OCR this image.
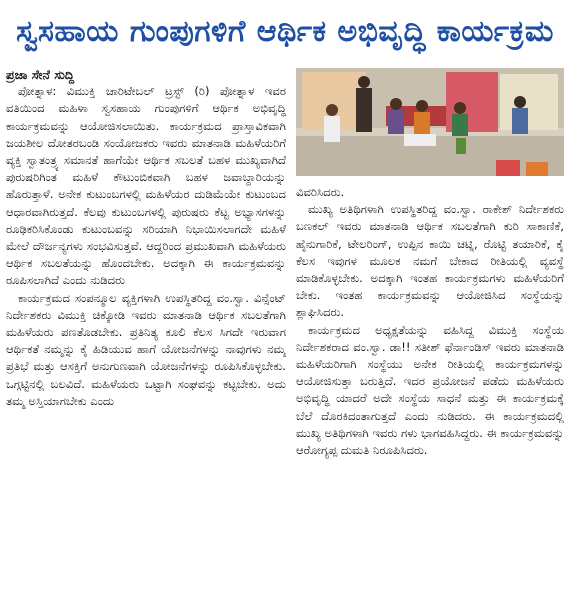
ಸ್ವಸಹಾಯ ಗುಂಪುಗಳಿಗೆ ಆರ್ಥಿಕ ಅಭಿವೃದ್ಧಿ ಕಾರ್ಯಕ್ರಮ

ಪ್ರಜಾ ಸೇನೆ ಸುದ್ದಿ

ಪೋತ್ನಾಳ: ವಿಮುಕ್ತಿ ಚಾರಿಟೇಬಲ್ ಟ್ರಸ್ಟ್ (ರಿ) ಪೋತ್ನಾಳ ಇವರ ವತಿಯಿಂದ ಮಹಿಳಾ ಸ್ವಸಹಾಯ ಗುಂಪುಗಳಿಗೆ ಆರ್ಥಿಕ ಅಭಿವೃದ್ಧಿ ಕಾರ್ಯಕ್ರಮವನ್ನು ಆಯೋಜಿಸಲಾಯಿತು. ಕಾರ್ಯಕ್ರಮದ ಪ್ರಾಸ್ತಾವಿಕವಾಗಿ ಜಯಶೀಲ ದೋತರಬಂಡಿ ಸಂಯೋಜಕರು ಇವರು ಮಾತನಾಡಿ ಮಹಿಳೆಯರಿಗೆ ವ್ಯಕ್ತಿ ಸ್ವಾತಂತ್ರ್ಯ ಸಮಾನತೆ ಹಾಗೆಯೇ ಆರ್ಥಿಕ ಸಬಲತೆ ಬಹಳ ಮುಖ್ಯವಾಗಿದೆ ಪುರುಷರಿಗಿಂತ ಮಹಿಳೆ ಕೌಟುಂಬಿಕವಾಗಿ ಬಹಳ ಜವಾಬ್ದಾರಿಯನ್ನು ಹೊರುತ್ತಾಳೆ. ಅನೇಕ ಕುಟುಂಬಗಳಲ್ಲಿ ಮಹಿಳೆಯರ ದುಡಿಮೆಯೇ ಕುಟುಂಬದ ಆಧಾರವಾಗಿರುತ್ತದೆ. ಕೆಲವು ಕುಟುಂಬಗಳಲ್ಲಿ ಪುರುಷರು ಕೆಟ್ಟ ಅಭ್ಯಾಸಗಳನ್ನು ರೂಢಿಕರಿಸಿಕೊಂಡು ಕುಟುಂಬವನ್ನು ಸರಿಯಾಗಿ ನಿಭಾಯಿಸಲಾಗದೇ ಮಹಿಳೆ ಮೇಲೆ ದೌರ್ಜನ್ಯಗಳು ಸಂಭವಿಸುತ್ತವೆ. ಆದ್ದರಿಂದ ಪ್ರಮುಖವಾಗಿ ಮಹಿಳೆಯರು ಆರ್ಥಿಕ ಸಬಲತೆಯನ್ನು ಹೊಂದಬೇಕು. ಅದಕ್ಕಾಗಿ ಈ ಕಾರ್ಯಕ್ರಮವನ್ನು ರೂಪಿಸಲಾಗಿದೆ ಎಂದು ನುಡಿದರು

ಕಾರ್ಯಕ್ರಮದ ಸಂಪನ್ಮೂಲ ವ್ಯಕ್ತಿಗಳಾಗಿ ಉಪಸ್ಥಿತರಿದ್ದ ವಂ.ಸ್ವಾ. ವಿನ್ಸೆಂಟ್ ನಿರ್ದೇಶಕರು ವಿಮುಕ್ತಿ ಚಿಕ್ಕೋಡಿ ಇವರು ಮಾತನಾಡಿ ಆರ್ಥಿಕ ಸಬಲತೆಗಾಗಿ ಮಹಿಳೆಯರು ಪಣತೊಡಬೇಕು. ಪ್ರತಿನಿತ್ಯ ಕೂಲಿ ಕೆಲಸ ಸಿಗದೇ ಇರುವಾಗ ಆರ್ಥಿಕತೆ ನಮ್ಮನ್ನು ಕೈ ಹಿಡಿಯುವ ಹಾಗೆ ಯೋಜನೆಗಳನ್ನು ನಾವುಗಳು ನಮ್ಮ ಪ್ರತಿಭೆ ಮತ್ತು ಆಸಕ್ತಿಗೆ ಅನುಗುಣವಾಗಿ ಯೋಜನೆಗಳನ್ನು ರೂಪಿಸಿಕೊಳ್ಳಬೇಕು. ಒಗ್ಗಟ್ಟಿನಲ್ಲಿ ಬಲವಿದೆ. ಮಹಿಳೆಯರು ಒಟ್ಟಾಗಿ ಸಂಘವನ್ನು ಕಟ್ಟಬೇಕು. ಅದು ತಮ್ಮ ಅಸ್ತಿಯಾಗಬೇಕು ಎಂದು

ವಿವರಿಸಿದರು.

ಮುಖ್ಯ ಅತಿಥಿಗಳಾಗಿ ಉಪಸ್ಥಿತರಿದ್ದ ವಂ.ಸ್ವಾ. ರಾಕೇಶ್ ನಿರ್ದೇಶಕರು ಬಣಕಲ್ ಇವರು ಮಾತನಾಡಿ ಆರ್ಥಿಕ ಸಬಲತೆಗಾಗಿ ಕುರಿ ಸಾಕಾಣಿಕೆ, ಹೈನುಗಾರಿಕೆ, ಟೇಲರಿಂಗ್, ಉಪ್ಪಿನ ಕಾಯಿ ಚಟ್ನಿ, ರೊಟ್ಟಿ ತಯಾರಿಕೆ, ಕೈ ಕೆಲಸ ಇವುಗಳ ಮೂಲಕ ನಮಗೆ ಬೇಕಾದ ರೀತಿಯಲ್ಲಿ ವ್ಯವಸ್ಥೆ ಮಾಡಿಕೊಳ್ಳಬೇಕು. ಅದಕ್ಕಾಗಿ ಇಂತಹ ಕಾರ್ಯಕ್ರಮಗಳು ಮಹಿಳೆಯರಿಗೆ ಬೇಕು. ಇಂತಹ ಕಾರ್ಯಕ್ರಮವನ್ನು ಆಯೋಜಿಸಿದ ಸಂಸ್ಥೆಯನ್ನು ಶ್ಲಾಘಿಸಿದರು.

ಕಾರ್ಯಕ್ರಮದ ಅಧ್ಯಕ್ಷತೆಯನ್ನು ವಹಿಸಿದ್ದ ವಿಮುಕ್ತಿ ಸಂಸ್ಥೆಯ ನಿರ್ದೇಶಕರಾದ ವಂ.ಸ್ವಾ. ಡಾ!! ಸತೀಶ್ ಫೆರ್ನಾಂಡಿಸ್ ಇವರು ಮಾತನಾಡಿ ಮಹಿಳೆಯರಿಗಾಗಿ ಸಂಸ್ಥೆಯು ಅನೇಕ ರೀತಿಯಲ್ಲಿ ಕಾರ್ಯಕ್ರಮಗಳನ್ನು ಆಯೋಜಿಸುತ್ತಾ ಬರುತ್ತಿದೆ. ಇದರ ಪ್ರಯೋಜನೆ ಪಡೆದು ಮಹಿಳೆಯರು ಅಭಿವೃದ್ಧಿ ಯಾದರೆ ಅದೇ ಸಂಸ್ಥೆಯ ಸಾಧನೆ ಮತ್ತು ಈ ಕಾರ್ಯಕ್ರಮಕ್ಕೆ ಬೆಲೆ ದೊರಕಿದಂತಾಗುತ್ತದೆ ಎಂದು ನುಡಿದರು. ಈ ಕಾರ್ಯಕ್ರಮದಲ್ಲಿ ಮುಖ್ಯ ಅತಿಥಿಗಳಾಗಿ ಇವರು ಗಳು ಭಾಗವಹಿಸಿದ್ದರು. ಈ ಕಾರ್ಯಕ್ರಮವನ್ನು ಆರೋಗ್ಯಪ್ಪ ದುಮತಿ ನಿರೂಪಿಸಿದರು.
